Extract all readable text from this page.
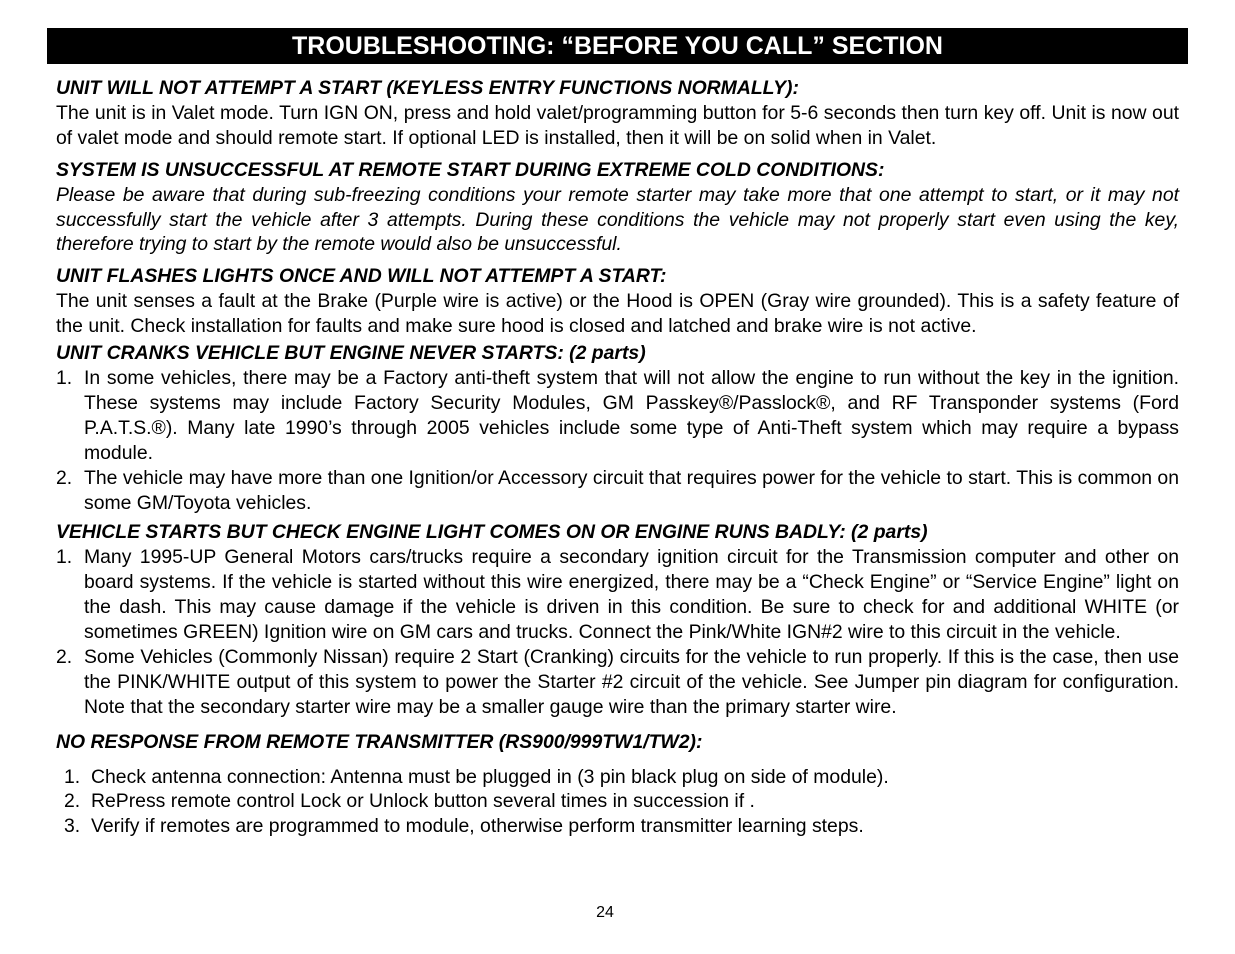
TROUBLESHOOTING: “BEFORE YOU CALL” SECTION

UNIT WILL NOT ATTEMPT A START (KEYLESS ENTRY FUNCTIONS NORMALLY):

The unit is in Valet mode. Turn IGN ON, press and hold valet/programming button for 5-6 seconds then turn key off. Unit is now out of valet mode and should remote start. If optional LED is installed, then it will be on solid when in Valet.

SYSTEM IS UNSUCCESSFUL AT REMOTE START DURING EXTREME COLD CONDITIONS:

Please be aware that during sub-freezing conditions your remote starter may take more that one attempt to start, or it may not successfully start the vehicle after 3 attempts. During these conditions the vehicle may not properly start even using the key, therefore trying to start by the remote would also be unsuccessful.

UNIT FLASHES LIGHTS ONCE AND WILL NOT ATTEMPT A START:

The unit senses a fault at the Brake (Purple wire is active) or the Hood is OPEN (Gray wire grounded). This is a safety feature of the unit. Check installation for faults and make sure hood is closed and latched and brake wire is not active.

UNIT CRANKS VEHICLE BUT ENGINE NEVER STARTS: (2 parts)

1. In some vehicles, there may be a Factory anti-theft system that will not allow the engine to run without the key in the ignition. These systems may include Factory Security Modules, GM Passkey®/Passlock®, and RF Transponder systems (Ford P.A.T.S.®). Many late 1990’s through 2005 vehicles include some type of Anti-Theft system which may require a bypass module.
2. The vehicle may have more than one Ignition/or Accessory circuit that requires power for the vehicle to start. This is common on some GM/Toyota vehicles.

VEHICLE STARTS BUT CHECK ENGINE LIGHT COMES ON OR ENGINE RUNS BADLY: (2 parts)

1. Many 1995-UP General Motors cars/trucks require a secondary ignition circuit for the Transmission computer and other on board systems. If the vehicle is started without this wire energized, there may be a “Check Engine” or “Service Engine” light on the dash. This may cause damage if the vehicle is driven in this condition. Be sure to check for and additional WHITE (or sometimes GREEN) Ignition wire on GM cars and trucks. Connect the Pink/White IGN#2 wire to this circuit in the vehicle.
2. Some Vehicles (Commonly Nissan) require 2 Start (Cranking) circuits for the vehicle to run properly. If this is the case, then use the PINK/WHITE output of this system to power the Starter #2 circuit of the vehicle. See Jumper pin diagram for configuration. Note that the secondary starter wire may be a smaller gauge wire than the primary starter wire.

NO RESPONSE FROM REMOTE TRANSMITTER (RS900/999TW1/TW2):

1. Check antenna connection: Antenna must be plugged in (3 pin black plug on side of module).
2. RePress remote control Lock or Unlock button several times in succession if .
3. Verify if remotes are programmed to module, otherwise perform transmitter learning steps.
24
